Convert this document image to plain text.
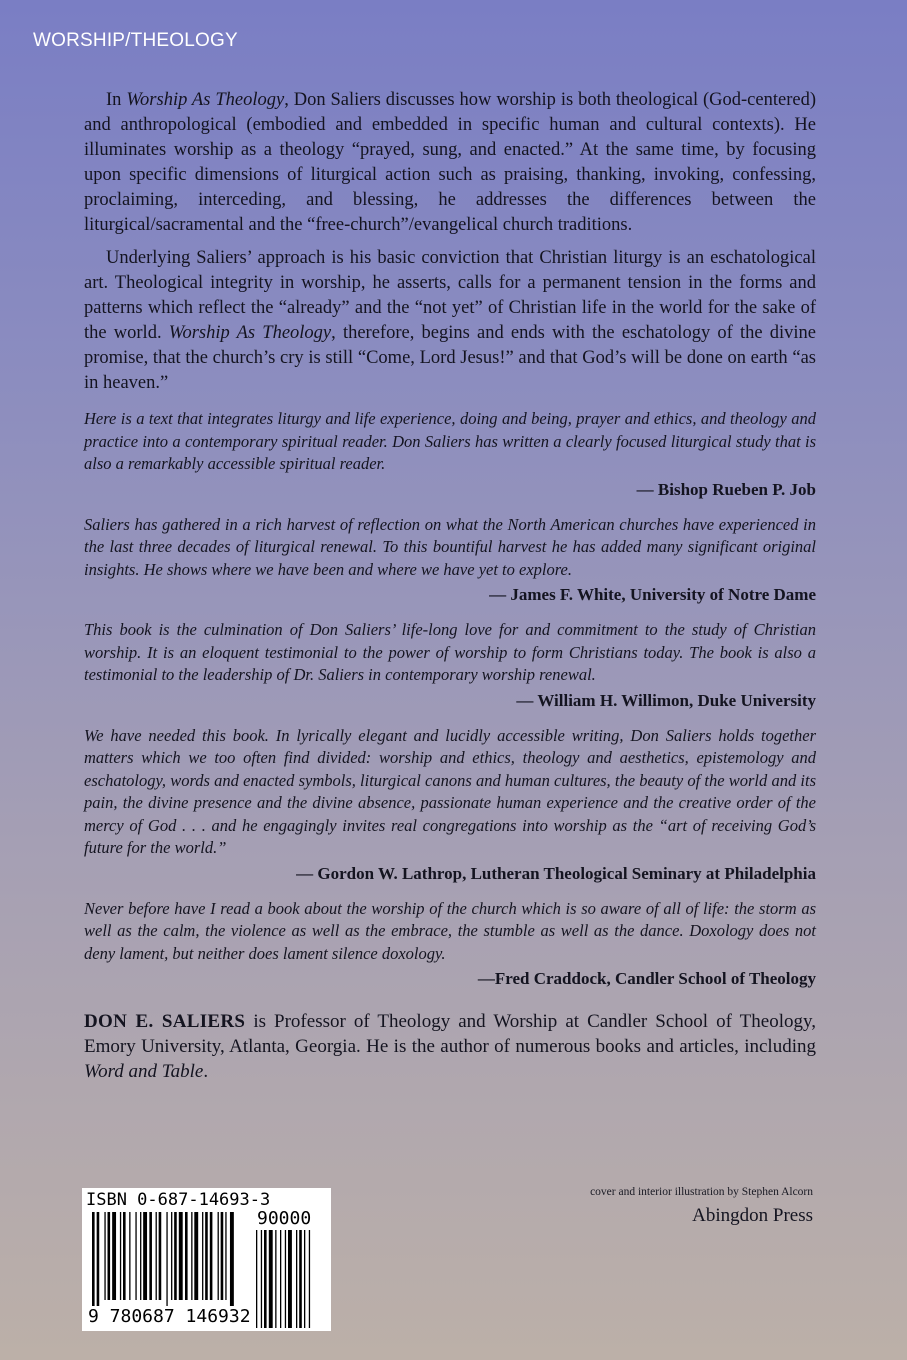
WORSHIP/THEOLOGY

In Worship As Theology, Don Saliers discusses how worship is both theological (God-centered) and anthropological (embodied and embedded in specific human and cultural contexts). He illuminates worship as a theology “prayed, sung, and enacted.” At the same time, by focusing upon specific dimensions of liturgical action such as praising, thanking, invoking, confessing, proclaiming, interceding, and blessing, he addresses the differences between the liturgical/sacramental and the “free-church”/evangelical church traditions.

Underlying Saliers’ approach is his basic conviction that Christian liturgy is an eschatological art. Theological integrity in worship, he asserts, calls for a permanent tension in the forms and patterns which reflect the “already” and the “not yet” of Christian life in the world for the sake of the world. Worship As Theology, therefore, begins and ends with the eschatology of the divine promise, that the church’s cry is still “Come, Lord Jesus!” and that God’s will be done on earth “as in heaven.”

Here is a text that integrates liturgy and life experience, doing and being, prayer and ethics, and theology and practice into a contemporary spiritual reader. Don Saliers has written a clearly focused liturgical study that is also a remarkably accessible spiritual reader.

— Bishop Rueben P. Job

Saliers has gathered in a rich harvest of reflection on what the North American churches have experienced in the last three decades of liturgical renewal. To this bountiful harvest he has added many significant original insights. He shows where we have been and where we have yet to explore.

— James F. White, University of Notre Dame

This book is the culmination of Don Saliers’ life-long love for and commitment to the study of Christian worship. It is an eloquent testimonial to the power of worship to form Christians today. The book is also a testimonial to the leadership of Dr. Saliers in contemporary worship renewal.

— William H. Willimon, Duke University

We have needed this book. In lyrically elegant and lucidly accessible writing, Don Saliers holds together matters which we too often find divided: worship and ethics, theology and aesthetics, epistemology and eschatology, words and enacted symbols, liturgical canons and human cultures, the beauty of the world and its pain, the divine presence and the divine absence, passionate human experience and the creative order of the mercy of God . . . and he engagingly invites real congregations into worship as the “art of receiving God’s future for the world.”

— Gordon W. Lathrop, Lutheran Theological Seminary at Philadelphia

Never before have I read a book about the worship of the church which is so aware of all of life: the storm as well as the calm, the violence as well as the embrace, the stumble as well as the dance. Doxology does not deny lament, but neither does lament silence doxology.

—Fred Craddock, Candler School of Theology

DON E. SALIERS is Professor of Theology and Worship at Candler School of Theology, Emory University, Atlanta, Georgia. He is the author of numerous books and articles, including Word and Table.

ISBN 0-687-14693-3
90000
9 780687 146932
cover and interior illustration by Stephen Alcorn
Abingdon Press
